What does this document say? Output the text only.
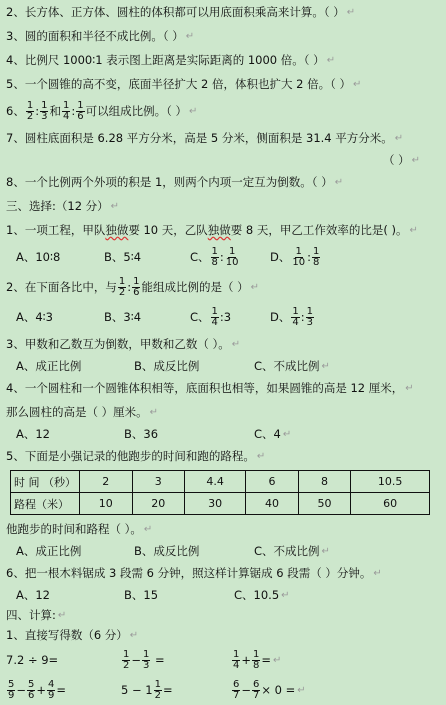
2、长方体、正方体、圆柱的体积都可以用底面积乘高来计算。（ ） ↵
3、圆的面积和半径不成比例。（ ） ↵
4、比例尺 1000∶1 表示图上距离是实际距离的 1000 倍。（ ） ↵
5、一个圆锥的高不变，底面半径扩大 2 倍，体积也扩大 2 倍。（ ） ↵
6、 $\frac{1}{2}$ : $\frac{1}{3}$ 和 $\frac{1}{4}$ : $\frac{1}{6}$ 可以组成比例。（ ） ↵
7、圆柱底面积是 6.28 平方分米，高是 5 分米，侧面积是 31.4 平方分米。 ↵
（ ） ↵
8、一个比例两个外项的积是 1，则两个内项一定互为倒数。（ ） ↵
三、选择:（12 分） ↵
1、一项工程，甲队 独做 要 10 天，乙队 独做 要 8 天，甲乙工作效率的比是( )。 ↵
A、10∶8	B、5∶4	C、 $\frac{1}{8}$ : $\frac{1}{10}$	D、 $\frac{1}{10}$ : $\frac{1}{8}$
2、在下面各比中，与 $\frac{1}{2}$ : $\frac{1}{6}$ 能组成比例的是（ ） ↵
A、4∶3	B、3∶4	C、 $\frac{1}{4}$ :3	D、 $\frac{1}{4}$ : $\frac{1}{3}$
3、甲数和乙数互为倒数，甲数和乙数（ ）。 ↵
A、成正比例	B、成反比例	C、不成比例 ↵
4、一个圆柱和一个圆锥体积相等，底面积也相等，如果圆锥的高是 12 厘米， ↵
那么圆柱的高是（ ）厘米。 ↵
A、12	B、36	C、4 ↵
5、下面是小强记录的他跑步的时间和跑的路程。 ↵
时 间 （秒）	2	3	4.4	6	8	10.5
路程（米）	10	20	30	40	50	60
他跑步的时间和路程（ ）。 ↵
A、成正比例	B、成反比例	C、不成比例 ↵
6、把一根木料锯成 3 段需 6 分钟，照这样计算锯成 6 段需（ ）分钟。 ↵
A、12	B、15	C、10.5 ↵
四、计算: ↵
1、直接写得数（6 分） ↵
7.2 ÷ 9=	$\frac{1}{2} - \frac{1}{3}$ =	$\frac{1}{4} + \frac{1}{8}$ = ↵
$\frac{5}{9} - \frac{5}{6} + \frac{4}{9}$ =	$5 - 1 \frac{1}{2}$ =	$\frac{6}{7} - \frac{6}{7} \times 0$ = ↵
